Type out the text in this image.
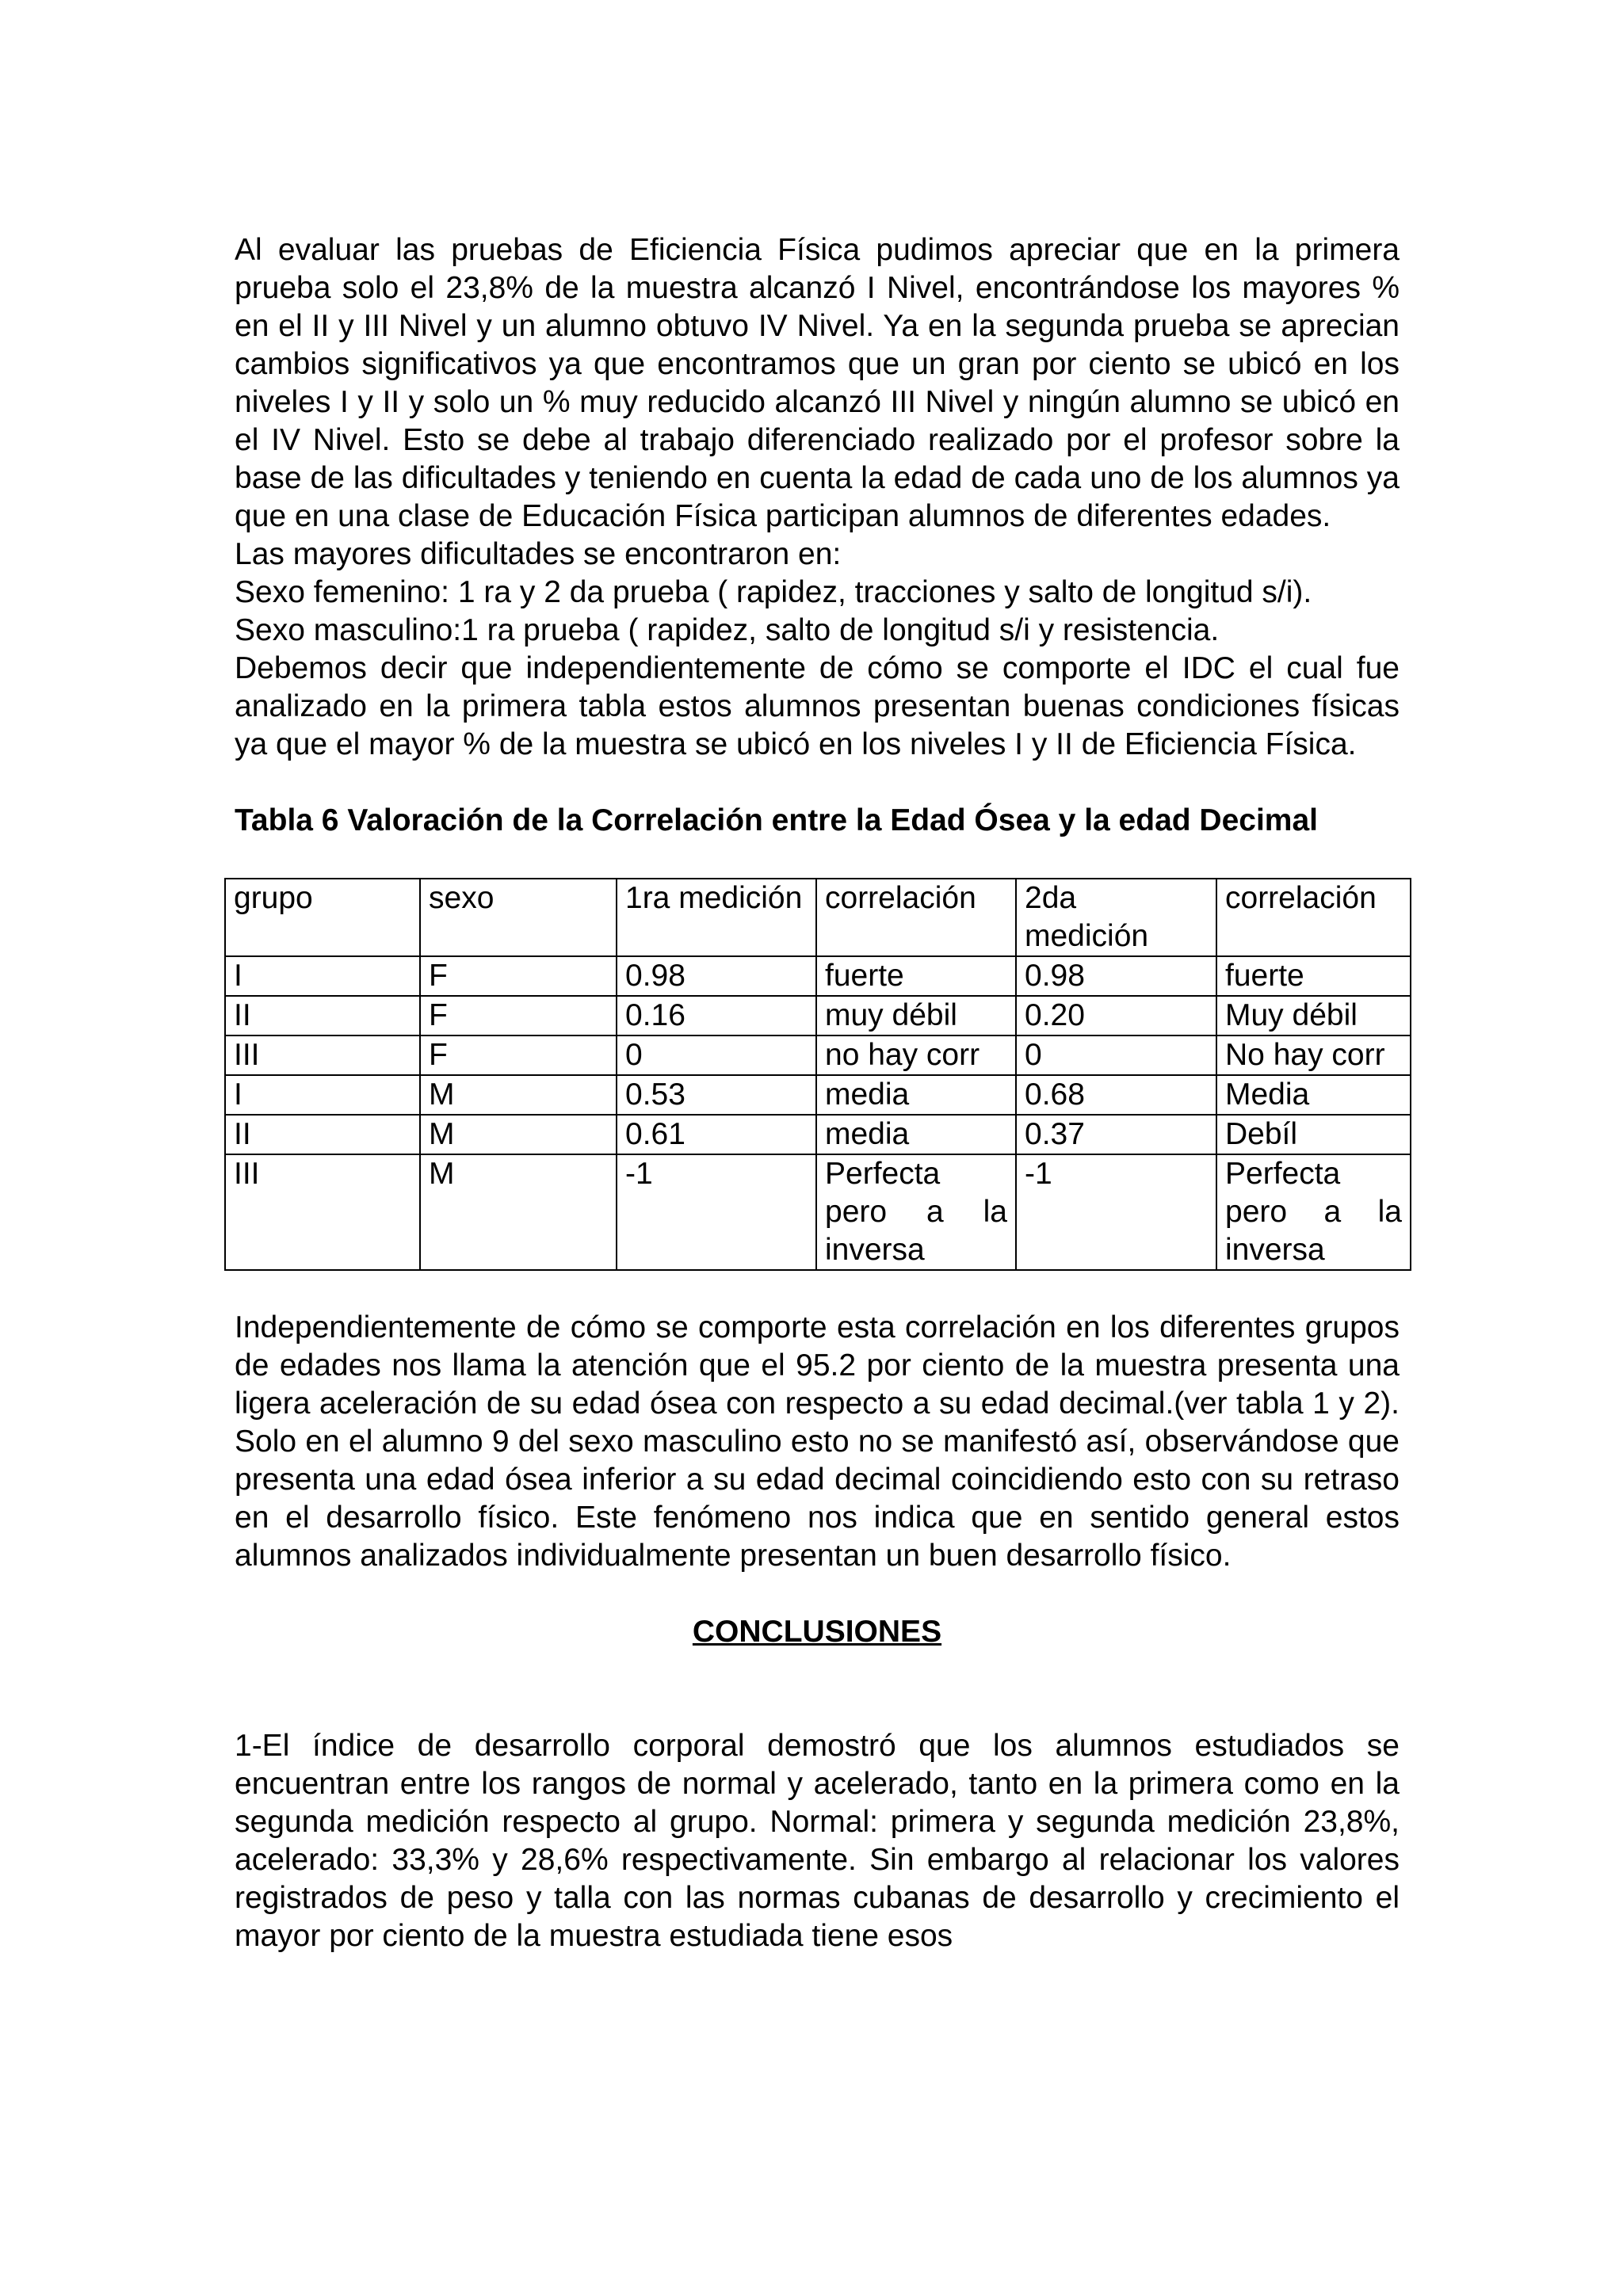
Al evaluar las pruebas de Eficiencia Física pudimos apreciar que en la primera prueba solo el 23,8% de la muestra alcanzó I Nivel, encontrándose los mayores % en el II y III Nivel y un alumno obtuvo IV Nivel. Ya en la segunda prueba se aprecian cambios significativos ya que encontramos que un gran por ciento se ubicó en los niveles I y II y solo un % muy reducido alcanzó III Nivel y ningún alumno se ubicó en el IV Nivel. Esto se debe al trabajo diferenciado realizado por el profesor sobre la base de las dificultades y teniendo en cuenta la edad de cada uno de los alumnos ya que en una clase de Educación Física participan alumnos de diferentes edades.

Las mayores dificultades se encontraron en:
Sexo femenino: 1 ra y 2 da prueba ( rapidez, tracciones y salto de longitud s/i).
Sexo masculino:1 ra prueba ( rapidez, salto de longitud s/i y resistencia.

Debemos decir que independientemente de cómo se comporte el IDC el cual fue analizado en la primera tabla estos alumnos presentan buenas condiciones físicas ya que el mayor % de la muestra se ubicó en los niveles I y II de Eficiencia Física.

Tabla 6 Valoración de la Correlación entre la Edad Ósea y la edad Decimal

grupo	sexo	1ra medición	correlación	2da medición	correlación
I	F	0.98	fuerte	0.98	fuerte
II	F	0.16	muy débil	0.20	Muy débil
III	F	0	no hay corr	0	No hay corr
I	M	0.53	media	0.68	Media
II	M	0.61	media	0.37	Debíl
III	M	-1	Perfecta pero a la inversa	-1	Perfecta pero a la inversa

Independientemente de cómo se comporte esta correlación en los diferentes grupos de edades nos llama la atención que el 95.2 por ciento de la muestra presenta una ligera aceleración de su edad ósea con respecto a su edad decimal.(ver tabla 1 y 2). Solo en el alumno 9 del sexo masculino esto no se manifestó así, observándose que presenta una edad ósea inferior a su edad decimal coincidiendo esto con su retraso en el desarrollo físico. Este fenómeno nos indica que en sentido general estos alumnos analizados individualmente presentan un buen desarrollo físico.

CONCLUSIONES

1-El índice de desarrollo corporal demostró que los alumnos estudiados se encuentran entre los rangos de normal y acelerado, tanto en la primera como en la segunda medición respecto al grupo. Normal: primera y segunda medición 23,8%, acelerado: 33,3% y 28,6% respectivamente. Sin embargo al relacionar los valores registrados de peso y talla con las normas cubanas de desarrollo y crecimiento el mayor por ciento de la muestra estudiada tiene esos
